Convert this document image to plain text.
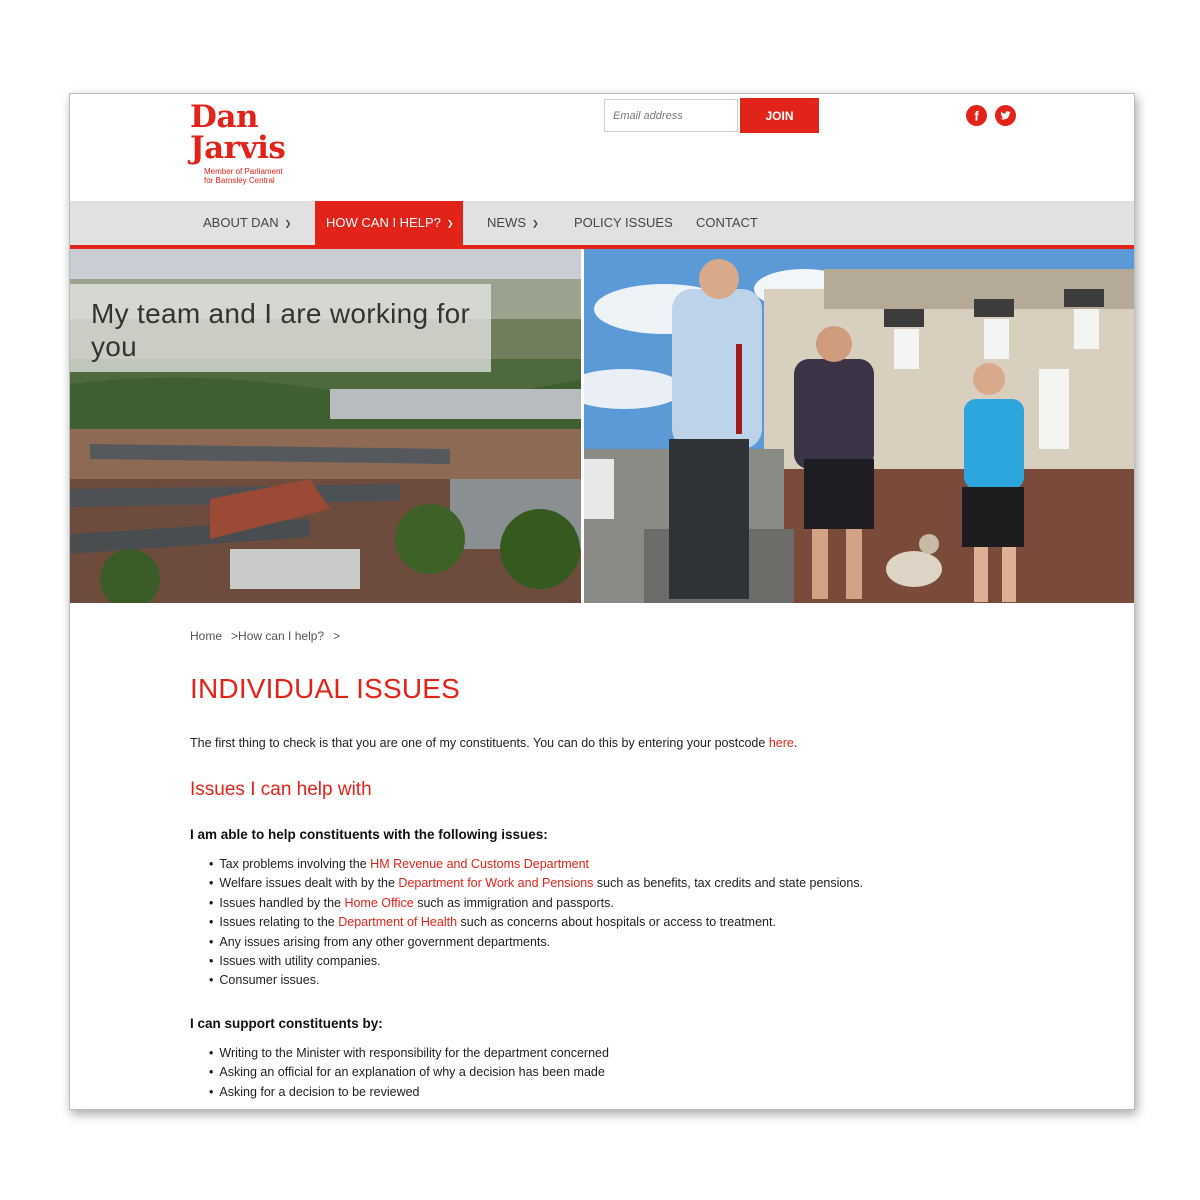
Dan
Jarvis
Member of Parliament
for Barnsley Central
Email address
JOIN	f
ABOUT DAN ❯	HOW CAN I HELP? ❯	NEWS ❯	POLICY ISSUES	CONTACT
My team and I are working for you
Home >How can I help? >
INDIVIDUAL ISSUES

The first thing to check is that you are one of my constituents. You can do this by entering your postcode here.

Issues I can help with

I am able to help constituents with the following issues:

• Tax problems involving the HM Revenue and Customs Department
• Welfare issues dealt with by the Department for Work and Pensions such as benefits, tax credits and state pensions.
• Issues handled by the Home Office such as immigration and passports.
• Issues relating to the Department of Health such as concerns about hospitals or access to treatment.
• Any issues arising from any other government departments.
• Issues with utility companies.
• Consumer issues.

I can support constituents by:

• Writing to the Minister with responsibility for the department concerned
• Asking an official for an explanation of why a decision has been made
• Asking for a decision to be reviewed
